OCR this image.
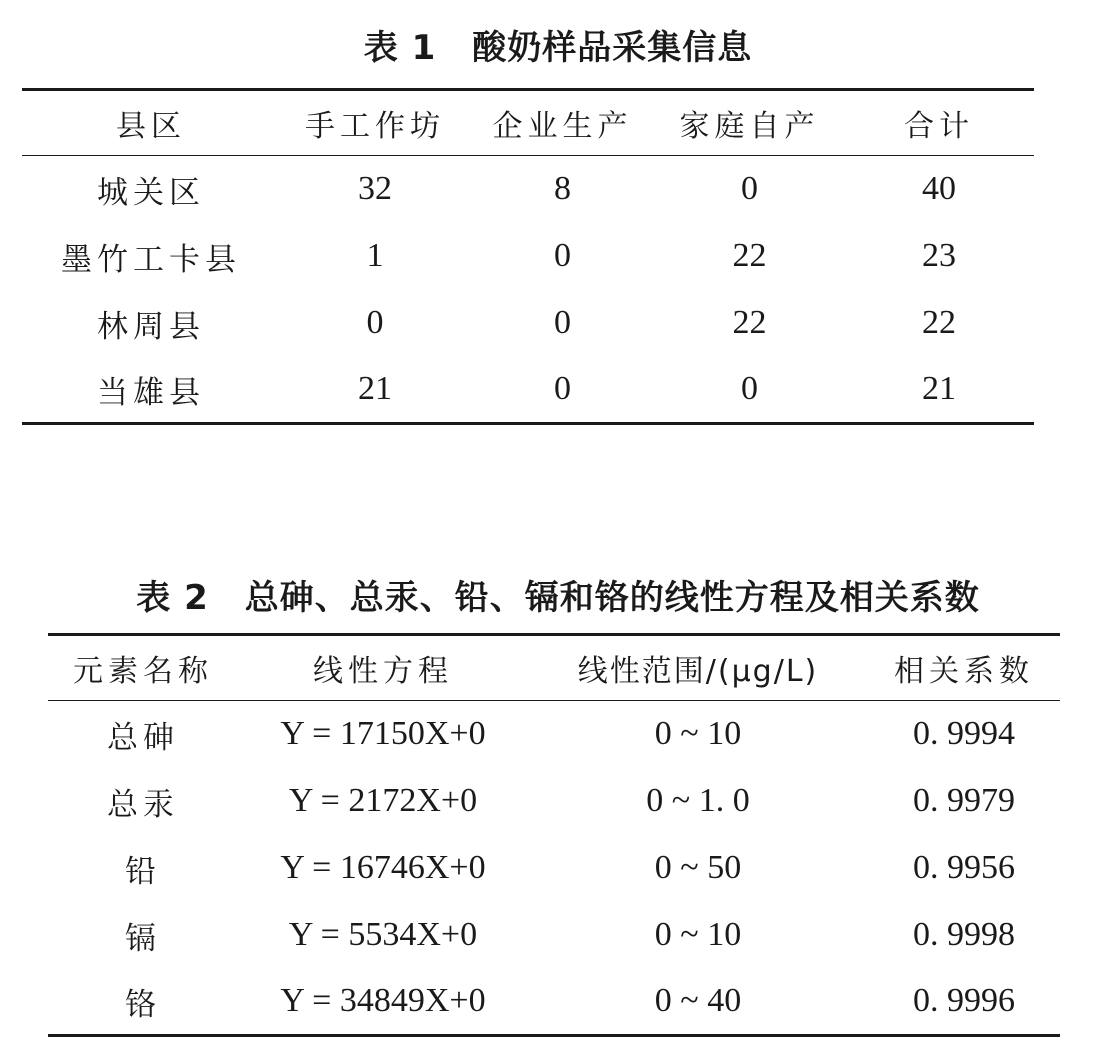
表 1 酸奶样品采集信息
县区	手工作坊	企业生产	家庭自产	合计
城关区	32	8	0	40
墨竹工卡县	1	0	22	23
林周县	0	0	22	22
当雄县	21	0	0	21
表 2 总砷、总汞、铅、镉和铬的线性方程及相关系数
元素名称	线性方程	线性范围/(μg/L)	相关系数
总砷	Y = 17150X+0	0 ~ 10	0. 9994
总汞	Y = 2172X+0	0 ~ 1. 0	0. 9979
铅	Y = 16746X+0	0 ~ 50	0. 9956
镉	Y = 5534X+0	0 ~ 10	0. 9998
铬	Y = 34849X+0	0 ~ 40	0. 9996
